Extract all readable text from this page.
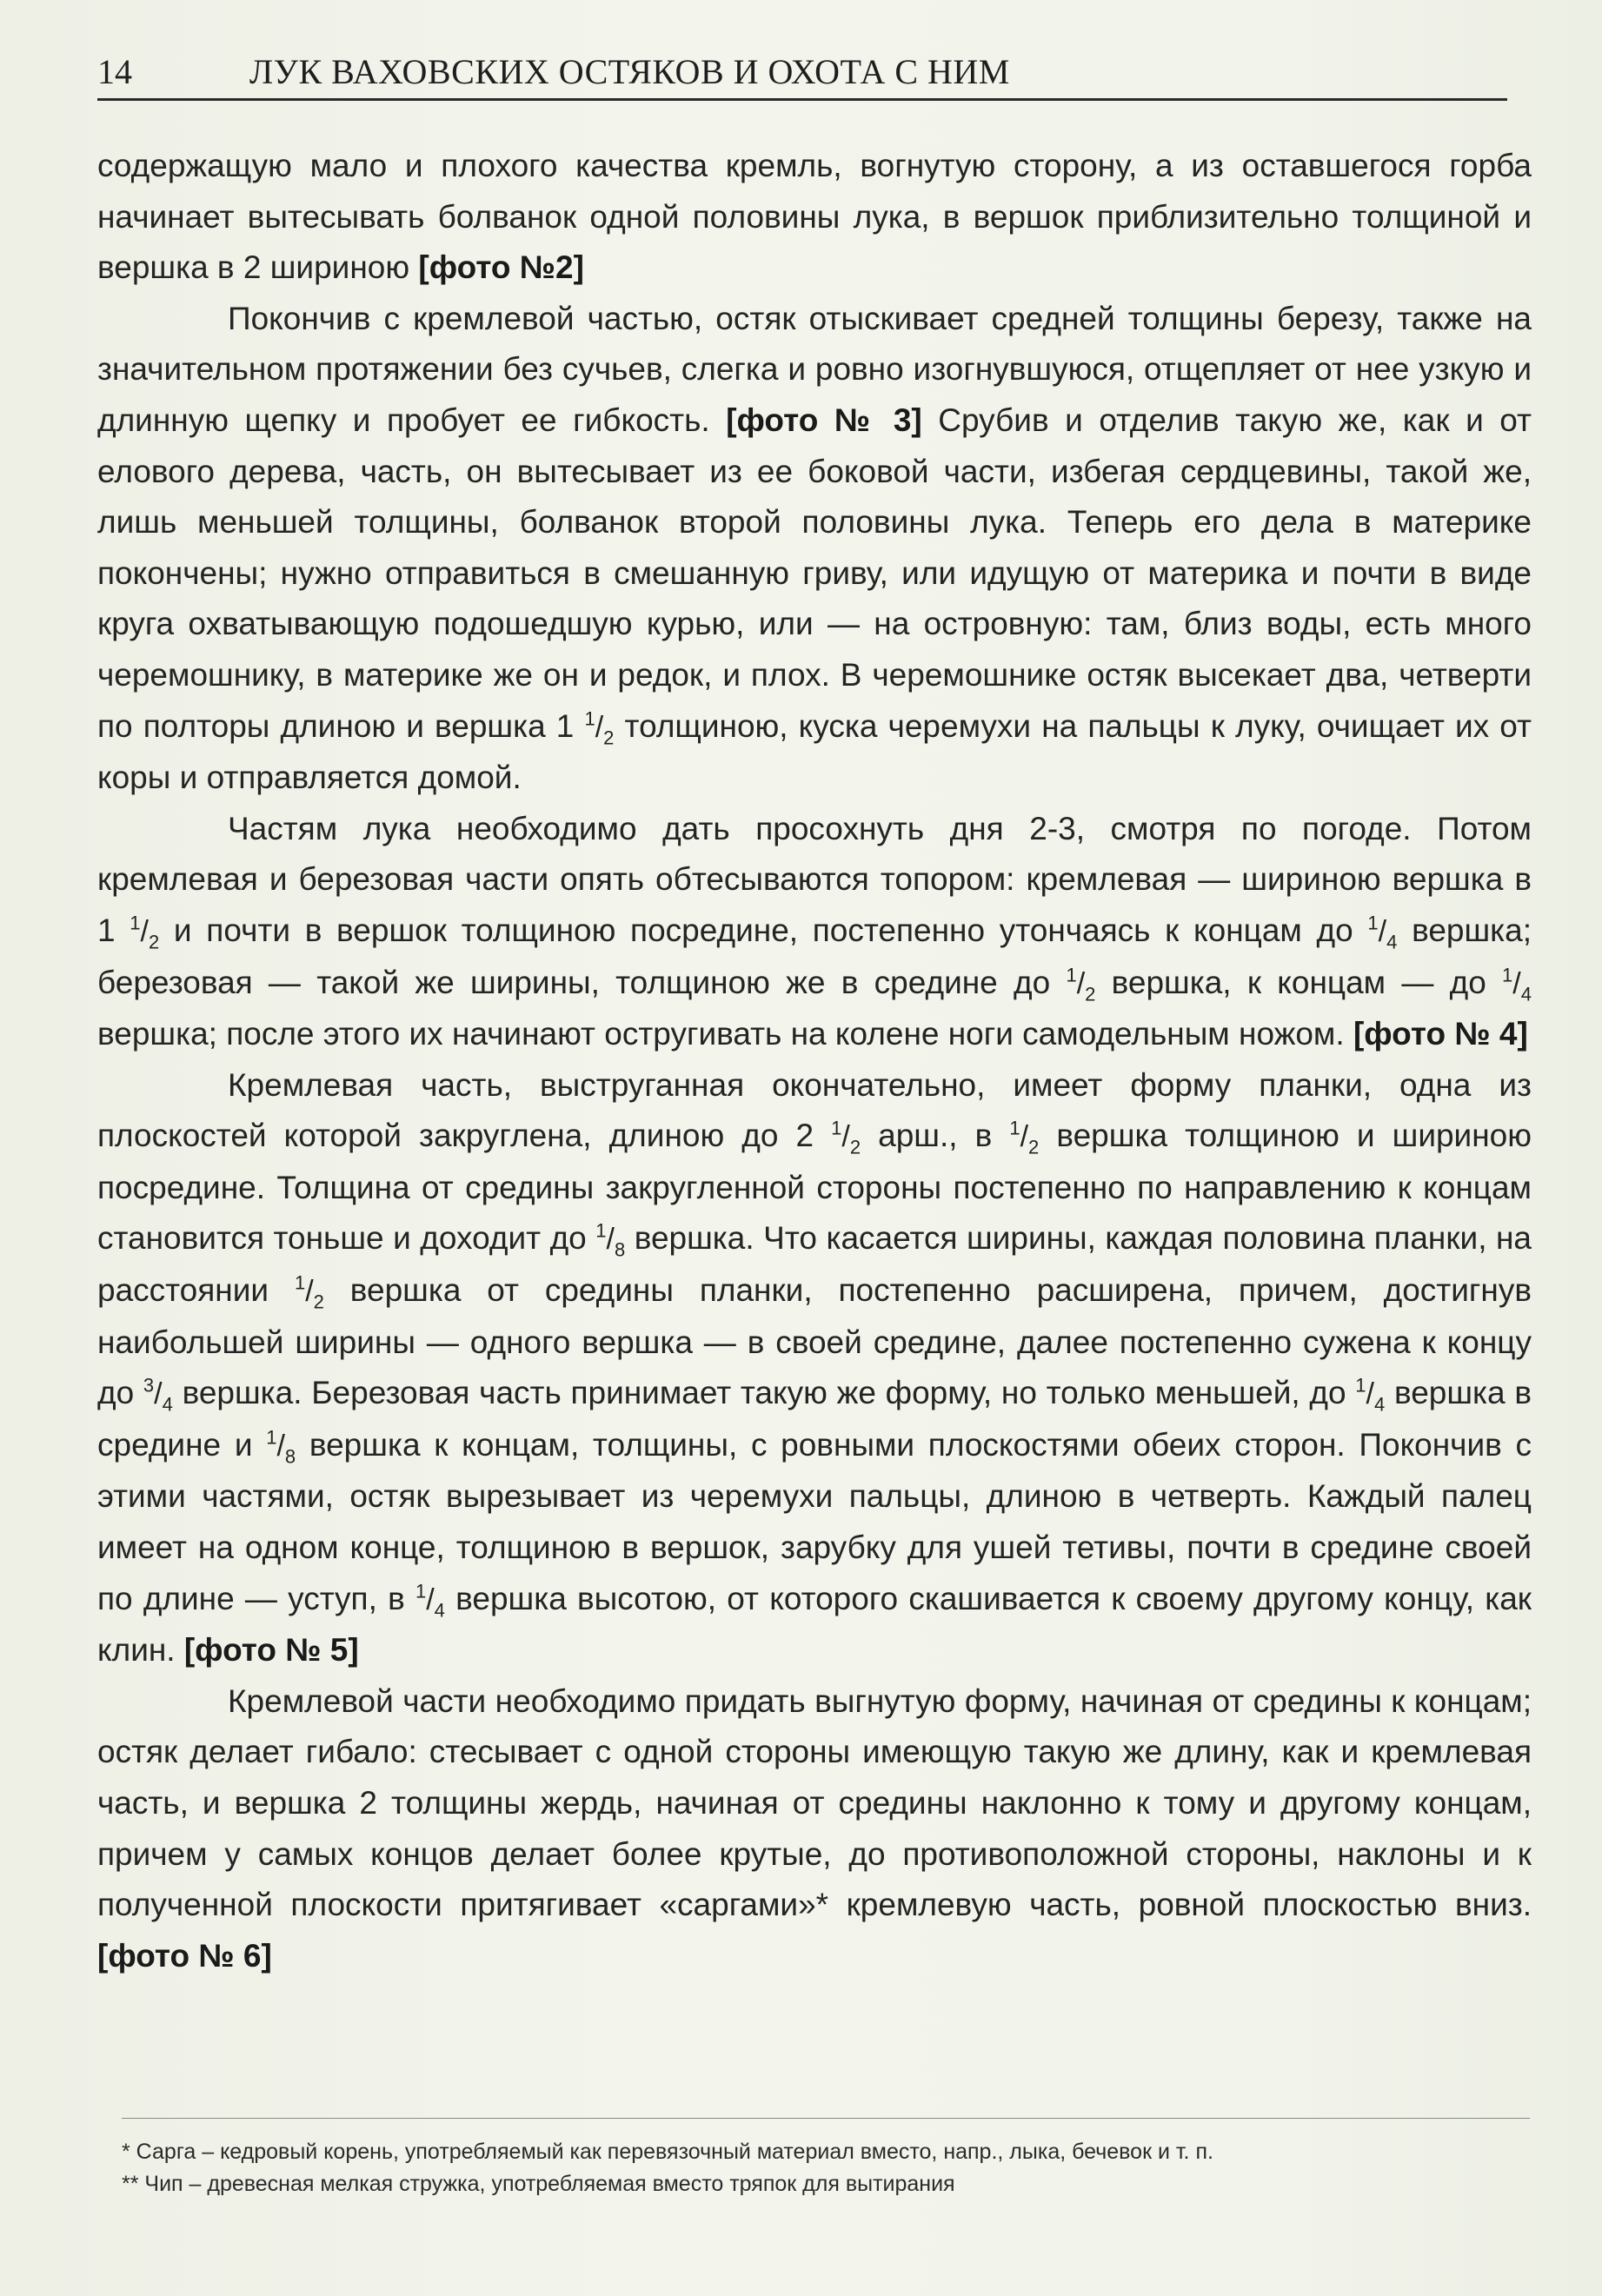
14	ЛУК ВАХОВСКИХ ОСТЯКОВ И ОХОТА С НИМ

содержащую мало и плохого качества кремль, вогнутую сторону, а из оставшегося горба начинает вытесывать болванок одной половины лука, в вершок приблизительно толщиной и вершка в 2 шириною [фото №2]

Покончив с кремлевой частью, остяк отыскивает средней толщины березу, также на значительном протяжении без сучьев, слегка и ровно изогнувшуюся, отщепляет от нее узкую и длинную щепку и пробует ее гибкость. [фото № 3] Срубив и отделив такую же, как и от елового дерева, часть, он вытесывает из ее боковой части, избегая сердцевины, такой же, лишь меньшей толщины, болванок второй половины лука. Теперь его дела в материке покончены; нужно отправиться в смешанную гриву, или идущую от материка и почти в виде круга охватывающую подошедшую курью, или — на островную: там, близ воды, есть много черемошнику, в материке же он и редок, и плох. В черемошнике остяк высекает два, четверти по полторы длиною и вершка 1 $^1/_2$ толщиною, куска черемухи на пальцы к луку, очищает их от коры и отправляется домой.

Частям лука необходимо дать просохнуть дня 2-3, смотря по погоде. Потом кремлевая и березовая части опять обтесываются топором: кремлевая — шириною вершка в 1 $^1/_2$ и почти в вершок толщиною посредине, постепенно утончаясь к концам до $^1/_4$ вершка; березовая — такой же ширины, толщиною же в средине до $^1/_2$ вершка, к концам — до $^1/_4$ вершка; после этого их начинают остругивать на колене ноги самодельным ножом. [фото № 4]

Кремлевая часть, выструганная окончательно, имеет форму планки, одна из плоскостей которой закруглена, длиною до 2 $^1/_2$ арш., в $^1/_2$ вершка толщиною и шириною посредине. Толщина от средины закругленной стороны постепенно по направлению к концам становится тоньше и доходит до $^1/_8$ вершка. Что касается ширины, каждая половина планки, на расстоянии $^1/_2$ вершка от средины планки, постепенно расширена, причем, достигнув наибольшей ширины — одного вершка — в своей средине, далее постепенно сужена к концу до $^3/_4$ вершка. Березовая часть принимает такую же форму, но только меньшей, до $^1/_4$ вершка в средине и $^1/_8$ вершка к концам, толщины, с ровными плоскостями обеих сторон. Покончив с этими частями, остяк вырезывает из черемухи пальцы, длиною в четверть. Каждый палец имеет на одном конце, толщиною в вершок, зарубку для ушей тетивы, почти в средине своей по длине — уступ, в $^1/_4$ вершка высотою, от которого скашивается к своему другому концу, как клин. [фото № 5]

Кремлевой части необходимо придать выгнутую форму, начиная от средины к концам; остяк делает гибало: стесывает с одной стороны имеющую такую же длину, как и кремлевая часть, и вершка 2 толщины жердь, начиная от средины наклонно к тому и другому концам, причем у самых концов делает более крутые, до противоположной стороны, наклоны и к полученной плоскости притягивает «саргами»* кремлевую часть, ровной плоскостью вниз. [фото № 6]

* Сарга – кедровый корень, употребляемый как перевязочный материал вместо, напр., лыка, бечевок и т. п.

** Чип – древесная мелкая стружка, употребляемая вместо тряпок для вытирания
